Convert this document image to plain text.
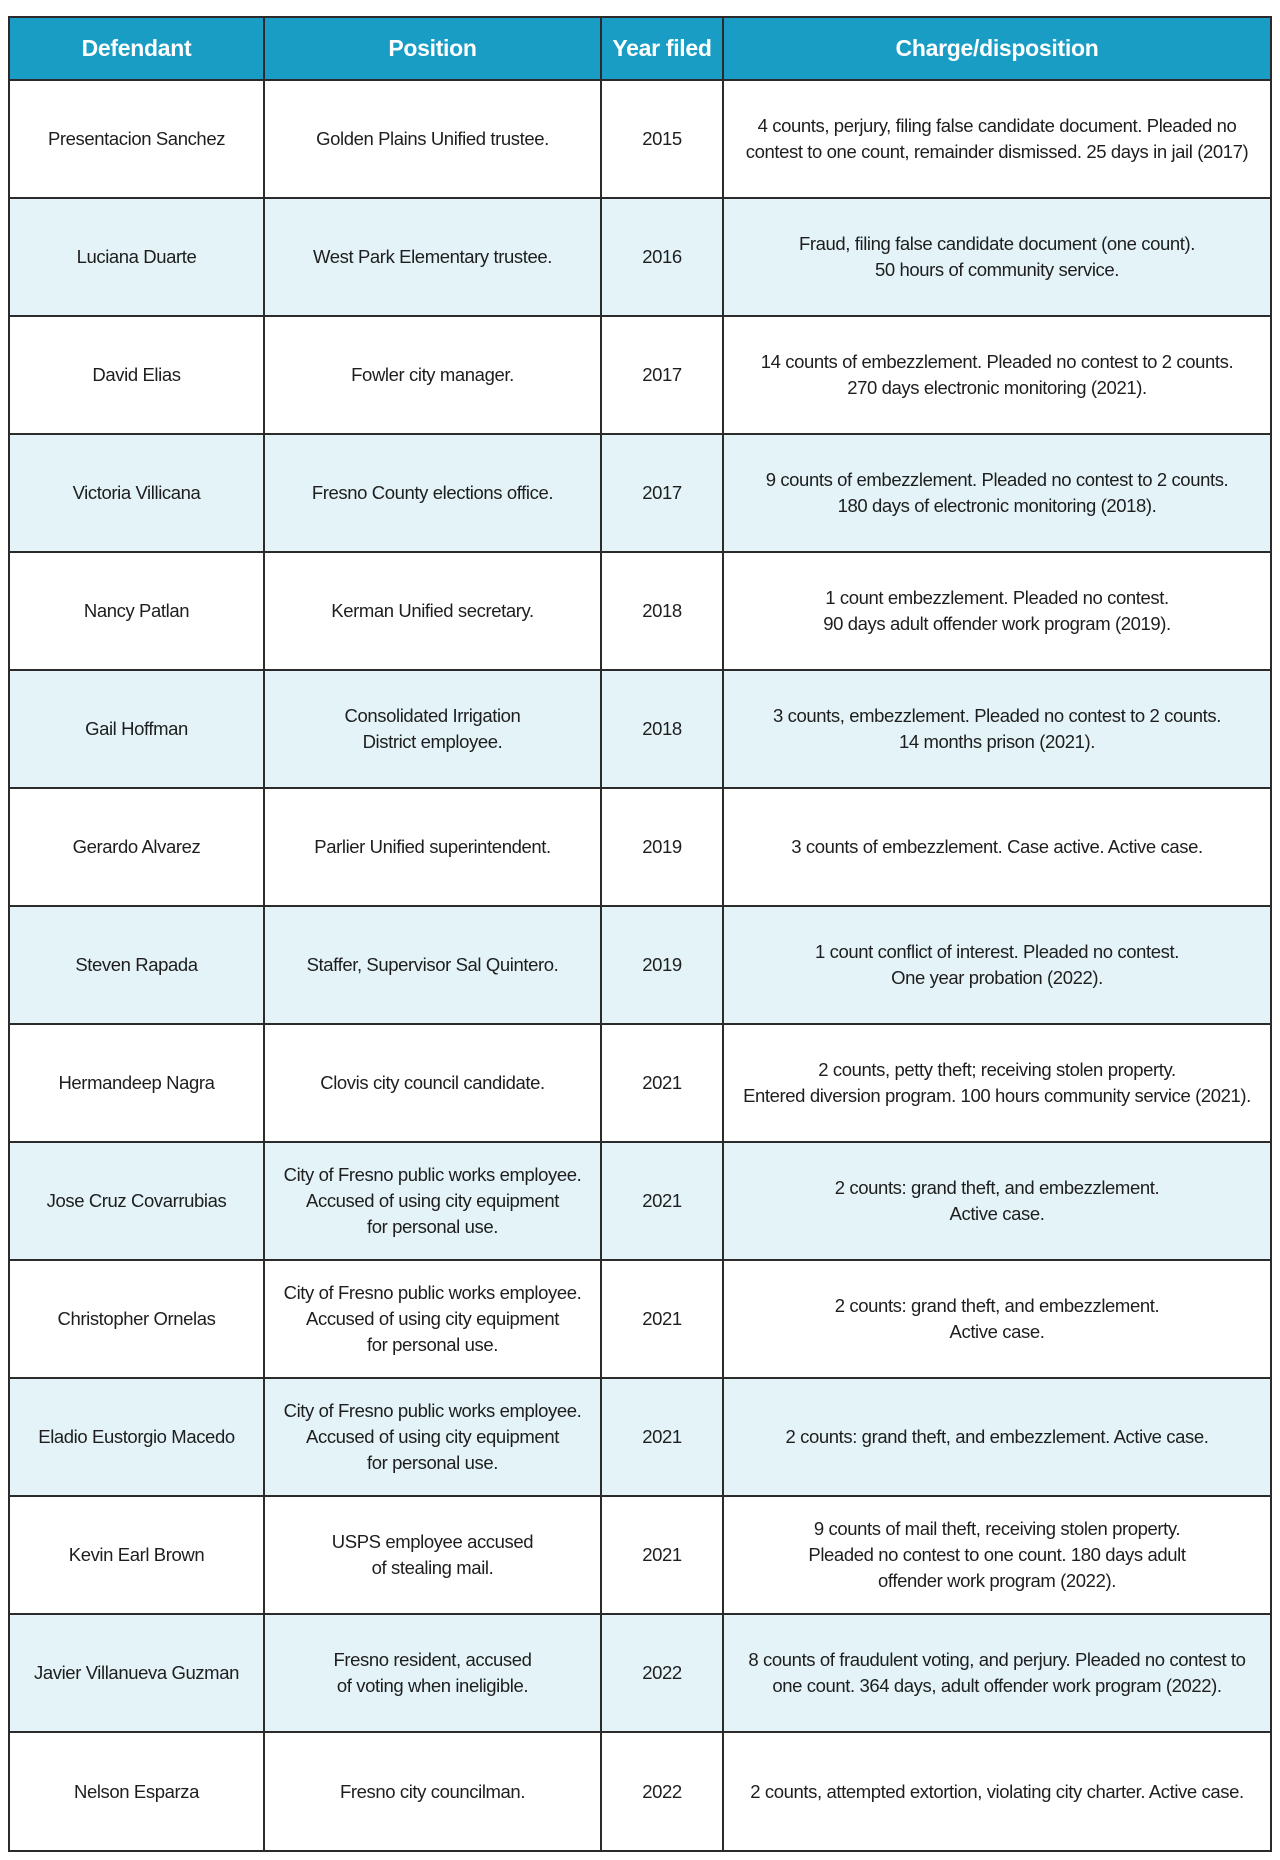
Defendant	Position	Year filed	Charge/disposition

Presentacion Sanchez	Golden Plains Unified trustee.	2015	4 counts, perjury, filing false candidate document. Pleaded no
contest to one count, remainder dismissed. 25 days in jail (2017)

Luciana Duarte	West Park Elementary trustee.	2016	Fraud, filing false candidate document (one count).
50 hours of community service.

David Elias	Fowler city manager.	2017	14 counts of embezzlement. Pleaded no contest to 2 counts.
270 days electronic monitoring (2021).

Victoria Villicana	Fresno County elections office.	2017	9 counts of embezzlement. Pleaded no contest to 2 counts.
180 days of electronic monitoring (2018).

Nancy Patlan	Kerman Unified secretary.	2018	1 count embezzlement. Pleaded no contest.
90 days adult offender work program (2019).

Gail Hoffman	Consolidated Irrigation
District employee.	2018	3 counts, embezzlement. Pleaded no contest to 2 counts.
14 months prison (2021).

Gerardo Alvarez	Parlier Unified superintendent.	2019	3 counts of embezzlement. Case active. Active case.

Steven Rapada	Staffer, Supervisor Sal Quintero.	2019	1 count conflict of interest. Pleaded no contest.
One year probation (2022).

Hermandeep Nagra	Clovis city council candidate.	2021	2 counts, petty theft; receiving stolen property.
Entered diversion program. 100 hours community service (2021).

Jose Cruz Covarrubias	City of Fresno public works employee.
Accused of using city equipment
for personal use.	2021	2 counts: grand theft, and embezzlement.
Active case.

Christopher Ornelas	City of Fresno public works employee.
Accused of using city equipment
for personal use.	2021	2 counts: grand theft, and embezzlement.
Active case.

Eladio Eustorgio Macedo	City of Fresno public works employee.
Accused of using city equipment
for personal use.	2021	2 counts: grand theft, and embezzlement. Active case.

Kevin Earl Brown	USPS employee accused
of stealing mail.	2021	9 counts of mail theft, receiving stolen property.
Pleaded no contest to one count. 180 days adult
offender work program (2022).

Javier Villanueva Guzman	Fresno resident, accused
of voting when ineligible.	2022	8 counts of fraudulent voting, and perjury. Pleaded no contest to
one count. 364 days, adult offender work program (2022).

Nelson Esparza	Fresno city councilman.	2022	2 counts, attempted extortion, violating city charter. Active case.
